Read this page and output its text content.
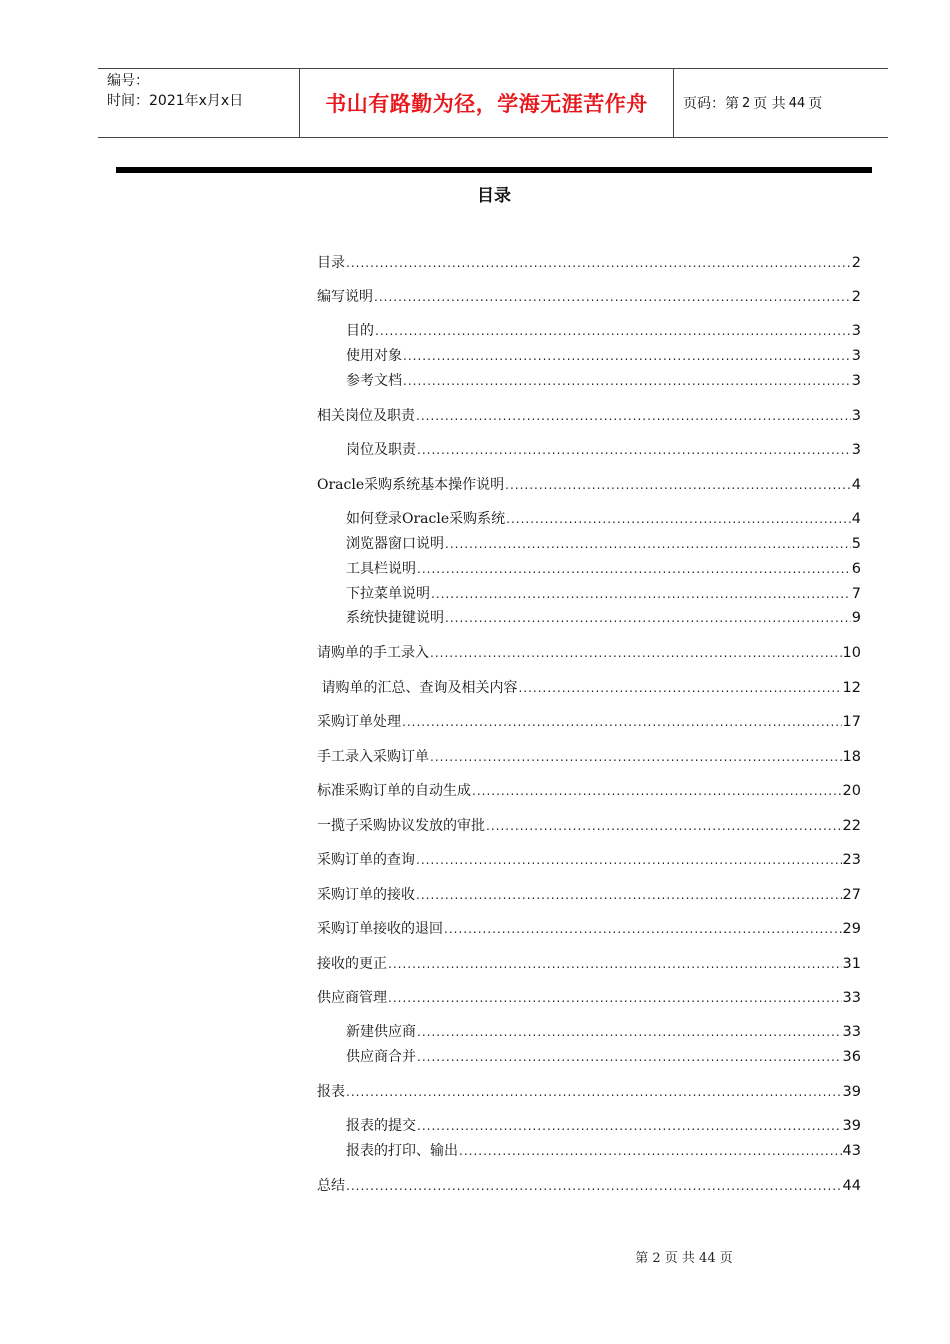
编号：
时间：2021年x月x日	书山有路勤为径，学海无涯苦作舟	页码：第 2 页 共 44 页
目录
目录 .....	2
编写说明 .....	2
目的 .....	3
使用对象 .....	3
参考文档 .....	3
相关岗位及职责 .....	3
岗位及职责 .....	3
Oracle采购系统基本操作说明 .....	4
如何登录Oracle采购系统 .....	4
浏览器窗口说明 .....	5
工具栏说明 .....	6
下拉菜单说明 .....	7
系统快捷键说明 .....	9
请购单的手工录入 .....	10
请购单的汇总、查询及相关内容 .....	12
采购订单处理 .....	17
手工录入采购订单 .....	18
标准采购订单的自动生成 .....	20
一揽子采购协议发放的审批 .....	22
采购订单的查询 .....	23
采购订单的接收 .....	27
采购订单接收的退回 .....	29
接收的更正 .....	31
供应商管理 .....	33
新建供应商 .....	33
供应商合并 .....	36
报表 .....	39
报表的提交 .....	39
报表的打印、输出 .....	43
总结 .....	44
第 2 页 共 44 页
